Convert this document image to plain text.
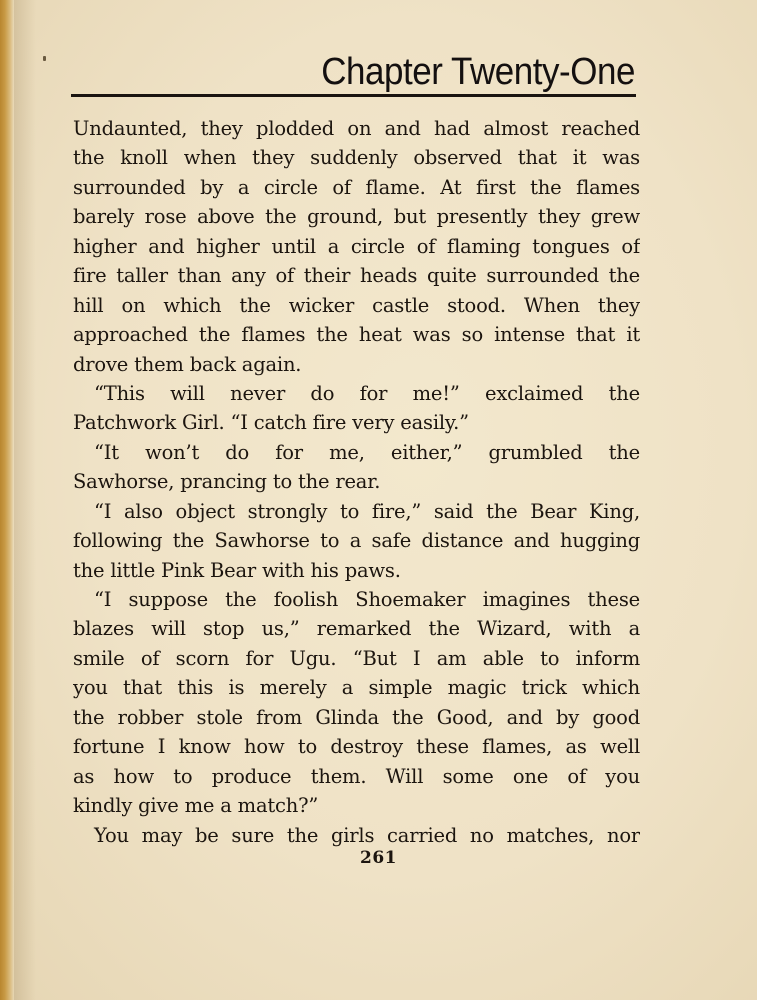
Chapter Twenty-One
Undaunted, they plodded on and had almost reached
the knoll when they suddenly observed that it was
surrounded by a circle of flame. At first the flames
barely rose above the ground, but presently they grew
higher and higher until a circle of flaming tongues of
fire taller than any of their heads quite surrounded the
hill on which the wicker castle stood. When they
approached the flames the heat was so intense that it
drove them back again.
“This will never do for me!” exclaimed the
Patchwork Girl. “I catch fire very easily.”
“It won’t do for me, either,” grumbled the
Sawhorse, prancing to the rear.
“I also object strongly to fire,” said the Bear King,
following the Sawhorse to a safe distance and hugging
the little Pink Bear with his paws.
“I suppose the foolish Shoemaker imagines these
blazes will stop us,” remarked the Wizard, with a
smile of scorn for Ugu. “But I am able to inform
you that this is merely a simple magic trick which
the robber stole from Glinda the Good, and by good
fortune I know how to destroy these flames, as well
as how to produce them. Will some one of you
kindly give me a match?”
You may be sure the girls carried no matches, nor
261
